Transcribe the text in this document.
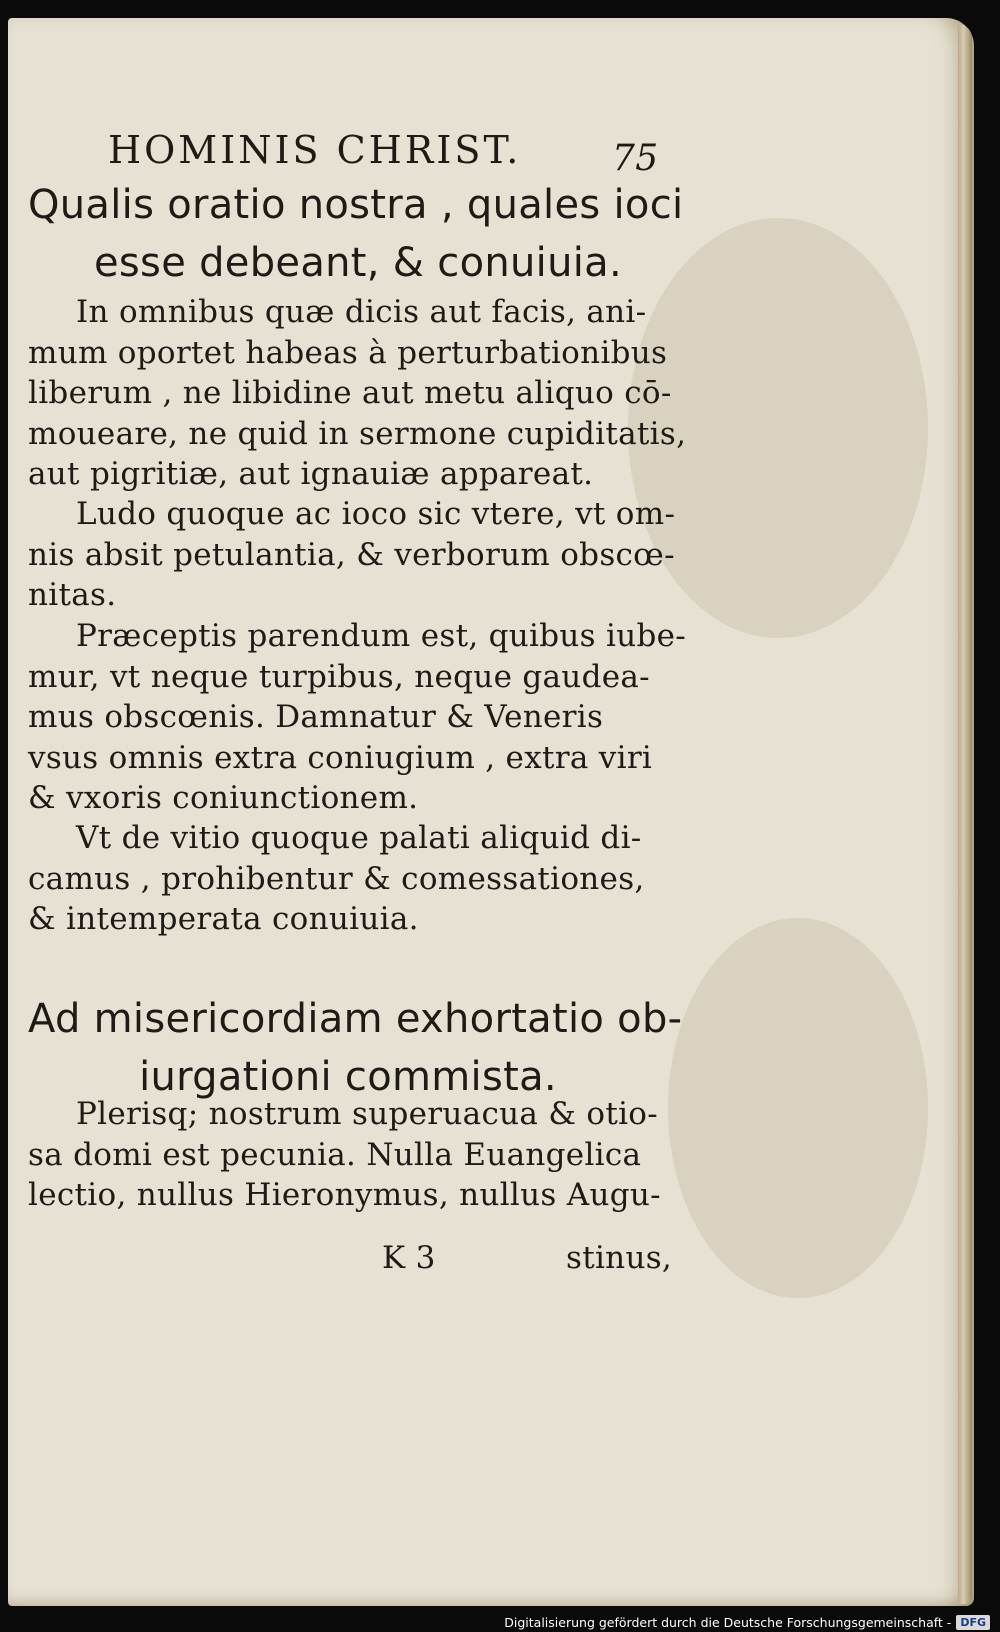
HOMINIS CHRIST.	75
Qualis oratio nostra , quales ioci
esse debeant, & conuiuia.
In omnibus quæ dicis aut facis, ani-
mum oportet habeas à perturbationibus
liberum , ne libidine aut metu aliquo cō-
moueare, ne quid in sermone cupiditatis,
aut pigritiæ, aut ignauiæ appareat.
Ludo quoque ac ioco sic vtere, vt om-
nis absit petulantia, & verborum obscœ-
nitas.
Præceptis parendum est, quibus iube-
mur, vt neque turpibus, neque gaudea-
mus obscœnis. Damnatur & Veneris
vsus omnis extra coniugium , extra viri
& vxoris coniunctionem.
Vt de vitio quoque palati aliquid di-
camus , prohibentur & comessationes,
& intemperata conuiuia.
Ad misericordiam exhortatio ob-
iurgationi commista.
Plerisq; nostrum superuacua & otio-
sa domi est pecunia. Nulla Euangelica
lectio, nullus Hieronymus, nullus Augu-
K 3	stinus,
Digitalisierung gefördert durch die Deutsche Forschungsgemeinschaft - DFG
